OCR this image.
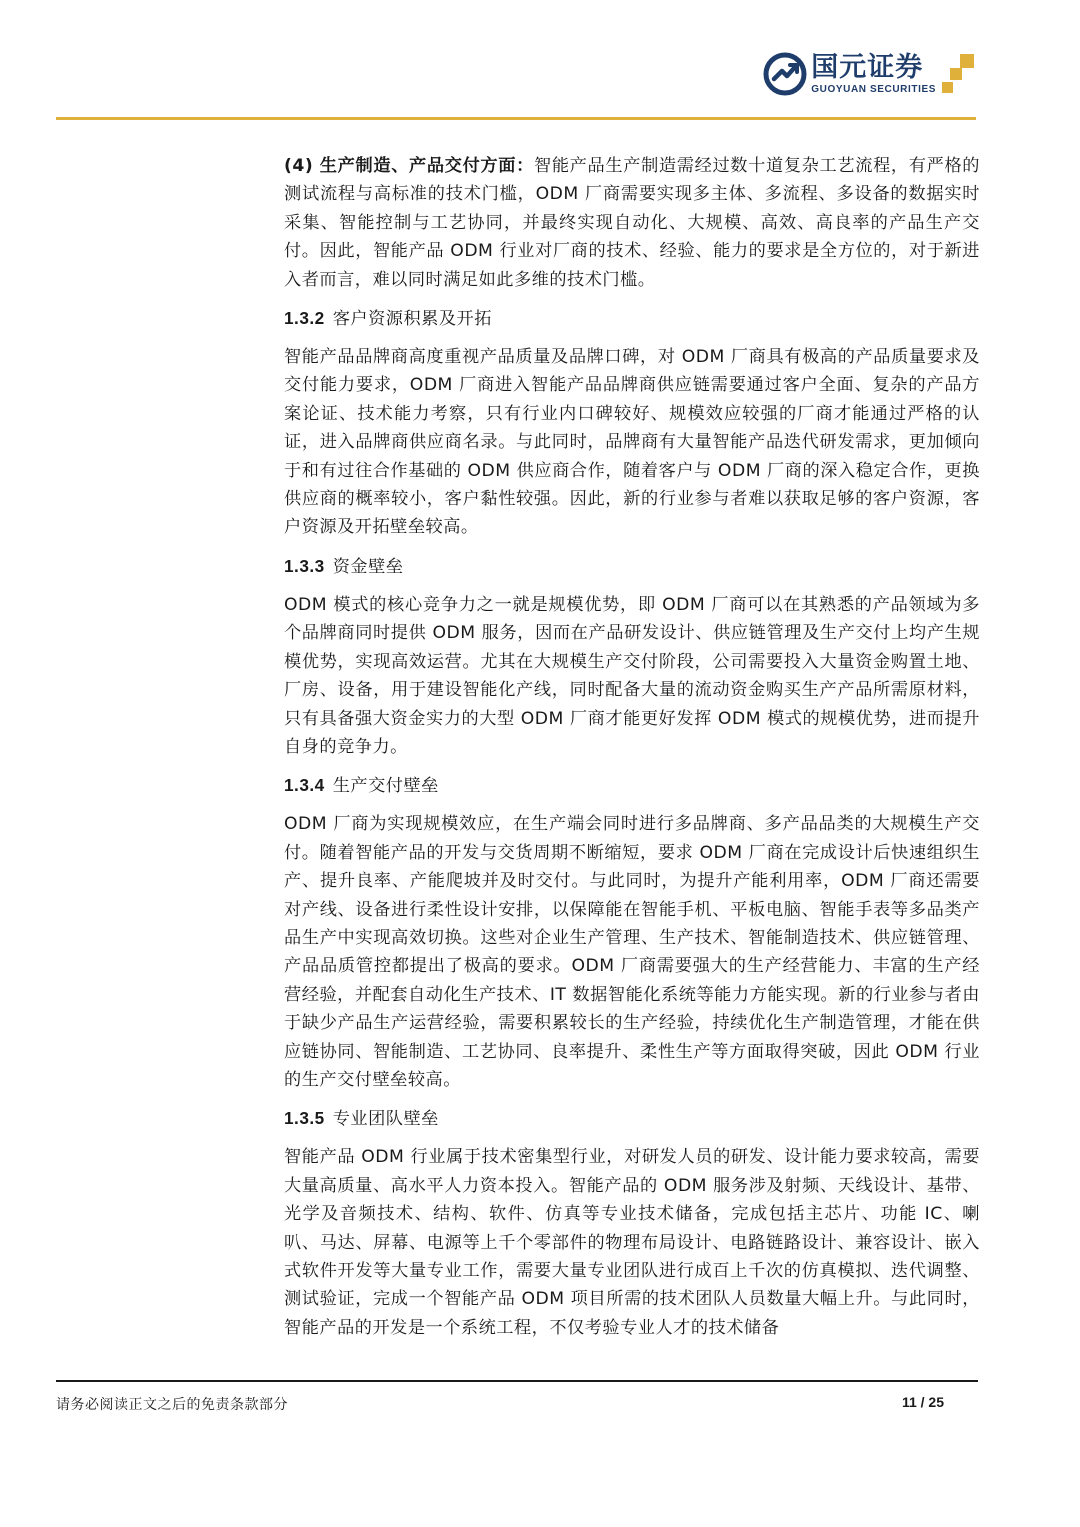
国元证券
GUOYUAN SECURITIES

(4) 生产制造、产品交付方面：智能产品生产制造需经过数十道复杂工艺流程，有严格的测试流程与高标准的技术门槛，ODM 厂商需要实现多主体、多流程、多设备的数据实时采集、智能控制与工艺协同，并最终实现自动化、大规模、高效、高良率的产品生产交付。因此，智能产品 ODM 行业对厂商的技术、经验、能力的要求是全方位的，对于新进入者而言，难以同时满足如此多维的技术门槛。

1.3.2 客户资源积累及开拓

智能产品品牌商高度重视产品质量及品牌口碑，对 ODM 厂商具有极高的产品质量要求及交付能力要求，ODM 厂商进入智能产品品牌商供应链需要通过客户全面、复杂的产品方案论证、技术能力考察，只有行业内口碑较好、规模效应较强的厂商才能通过严格的认证，进入品牌商供应商名录。与此同时，品牌商有大量智能产品迭代研发需求，更加倾向于和有过往合作基础的 ODM 供应商合作，随着客户与 ODM 厂商的深入稳定合作，更换供应商的概率较小，客户黏性较强。因此，新的行业参与者难以获取足够的客户资源，客户资源及开拓壁垒较高。

1.3.3 资金壁垒

ODM 模式的核心竞争力之一就是规模优势，即 ODM 厂商可以在其熟悉的产品领域为多个品牌商同时提供 ODM 服务，因而在产品研发设计、供应链管理及生产交付上均产生规模优势，实现高效运营。尤其在大规模生产交付阶段，公司需要投入大量资金购置土地、厂房、设备，用于建设智能化产线，同时配备大量的流动资金购买生产产品所需原材料，只有具备强大资金实力的大型 ODM 厂商才能更好发挥 ODM 模式的规模优势，进而提升自身的竞争力。

1.3.4 生产交付壁垒

ODM 厂商为实现规模效应，在生产端会同时进行多品牌商、多产品品类的大规模生产交付。随着智能产品的开发与交货周期不断缩短，要求 ODM 厂商在完成设计后快速组织生产、提升良率、产能爬坡并及时交付。与此同时，为提升产能利用率，ODM 厂商还需要对产线、设备进行柔性设计安排，以保障能在智能手机、平板电脑、智能手表等多品类产品生产中实现高效切换。这些对企业生产管理、生产技术、智能制造技术、供应链管理、产品品质管控都提出了极高的要求。ODM 厂商需要强大的生产经营能力、丰富的生产经营经验，并配套自动化生产技术、IT 数据智能化系统等能力方能实现。新的行业参与者由于缺少产品生产运营经验，需要积累较长的生产经验，持续优化生产制造管理，才能在供应链协同、智能制造、工艺协同、良率提升、柔性生产等方面取得突破，因此 ODM 行业的生产交付壁垒较高。

1.3.5 专业团队壁垒

智能产品 ODM 行业属于技术密集型行业，对研发人员的研发、设计能力要求较高，需要大量高质量、高水平人力资本投入。智能产品的 ODM 服务涉及射频、天线设计、基带、光学及音频技术、结构、软件、仿真等专业技术储备，完成包括主芯片、功能 IC、喇叭、马达、屏幕、电源等上千个零部件的物理布局设计、电路链路设计、兼容设计、嵌入式软件开发等大量专业工作，需要大量专业团队进行成百上千次的仿真模拟、迭代调整、测试验证，完成一个智能产品 ODM 项目所需的技术团队人员数量大幅上升。与此同时，智能产品的开发是一个系统工程，不仅考验专业人才的技术储备

请务必阅读正文之后的免责条款部分	11 / 25
